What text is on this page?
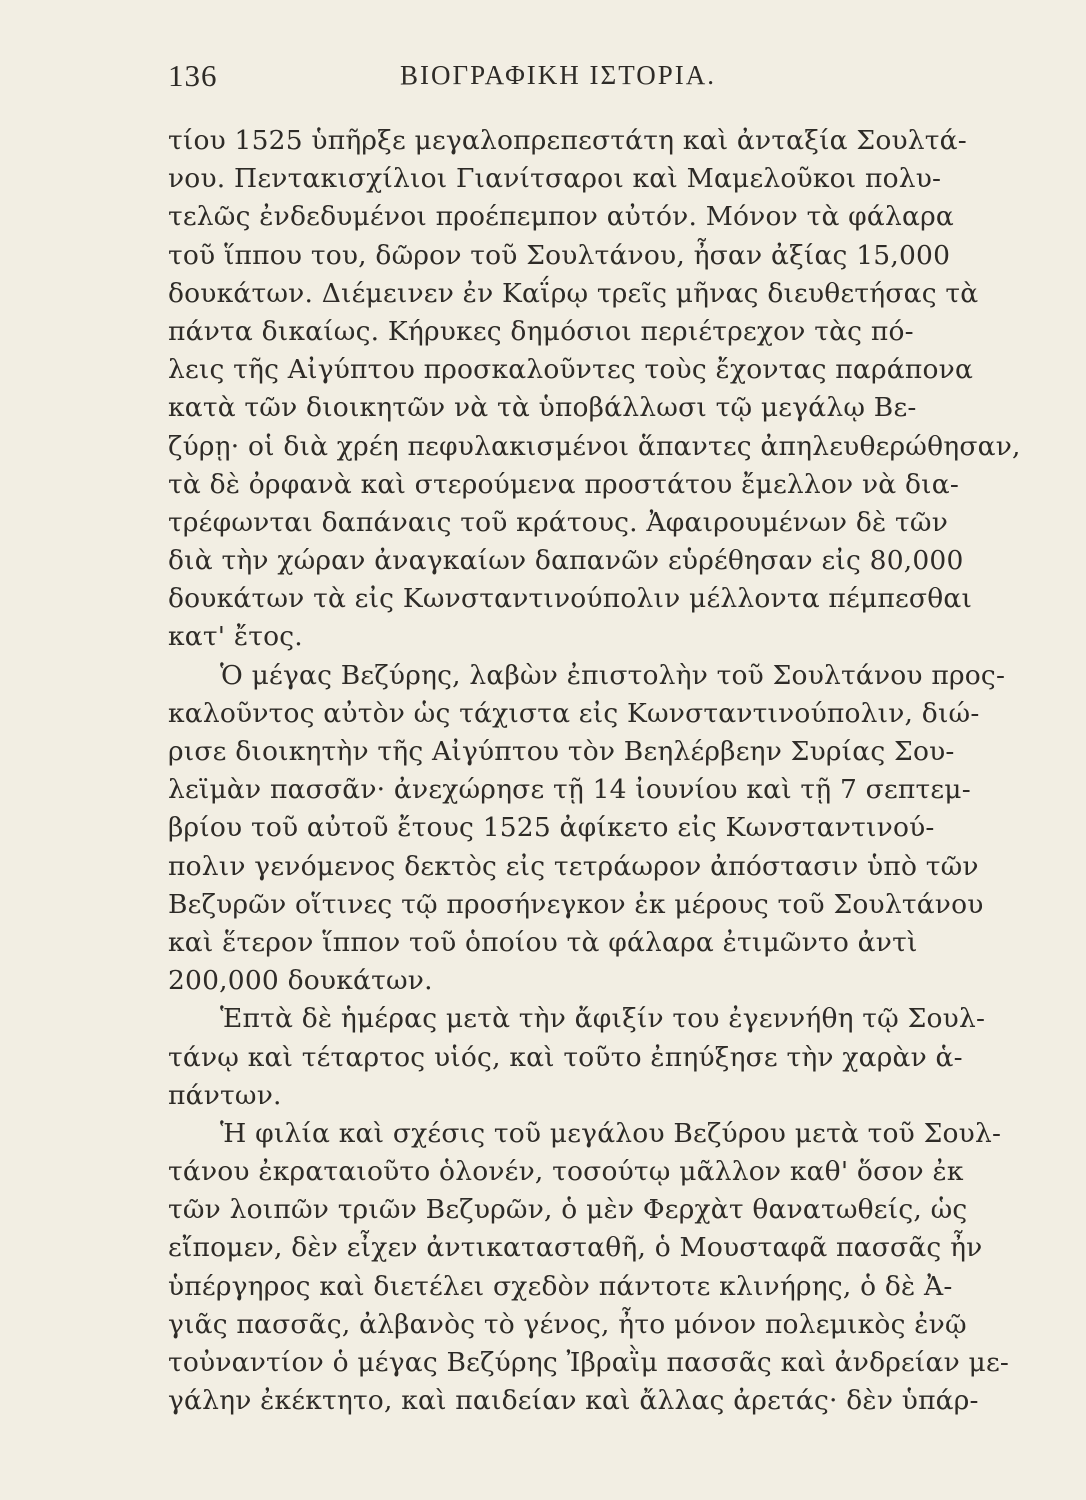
136	ΒΙΟΓΡΑΦΙΚΗ ΙΣΤΟΡΙΑ.
τίου 1525 ὑπῆρξε μεγαλοπρεπεστάτη καὶ ἀνταξία Σουλτά-
νου. Πεντακισχίλιοι Γιανίτσαροι καὶ Μαμελοῦκοι πολυ-
τελῶς ἐνδεδυμένοι προέπεμπον αὐτόν. Μόνον τὰ φάλαρα
τοῦ ἵππου του, δῶρον τοῦ Σουλτάνου, ἦσαν ἀξίας 15,000
δουκάτων. Διέμεινεν ἐν Καΐρῳ τρεῖς μῆνας διευθετήσας τὰ
πάντα δικαίως. Κήρυκες δημόσιοι περιέτρεχον τὰς πό-
λεις τῆς Αἰγύπτου προσκαλοῦντες τοὺς ἔχοντας παράπονα
κατὰ τῶν διοικητῶν νὰ τὰ ὑποβάλλωσι τῷ μεγάλῳ Βε-
ζύρῃ· οἱ διὰ χρέη πεφυλακισμένοι ἅπαντες ἀπηλευθερώθησαν,
τὰ δὲ ὀρφανὰ καὶ στερούμενα προστάτου ἔμελλον νὰ δια-
τρέφωνται δαπάναις τοῦ κράτους. Ἀφαιρουμένων δὲ τῶν
διὰ τὴν χώραν ἀναγκαίων δαπανῶν εὑρέθησαν εἰς 80,000
δουκάτων τὰ εἰς Κωνσταντινούπολιν μέλλοντα πέμπεσθαι
κατ' ἔτος.
Ὁ μέγας Βεζύρης, λαβὼν ἐπιστολὴν τοῦ Σουλτάνου προς-
καλοῦντος αὐτὸν ὡς τάχιστα εἰς Κωνσταντινούπολιν, διώ-
ρισε διοικητὴν τῆς Αἰγύπτου τὸν Βεηλέρβεην Συρίας Σου-
λεϊμὰν πασσᾶν· ἀνεχώρησε τῇ 14 ἰουνίου καὶ τῇ 7 σεπτεμ-
βρίου τοῦ αὐτοῦ ἔτους 1525 ἀφίκετο εἰς Κωνσταντινού-
πολιν γενόμενος δεκτὸς εἰς τετράωρον ἀπόστασιν ὑπὸ τῶν
Βεζυρῶν οἵτινες τῷ προσήνεγκον ἐκ μέρους τοῦ Σουλτάνου
καὶ ἕτερον ἵππον τοῦ ὁποίου τὰ φάλαρα ἐτιμῶντο ἀντὶ
200,000 δουκάτων.
Ἑπτὰ δὲ ἡμέρας μετὰ τὴν ἄφιξίν του ἐγεννήθη τῷ Σουλ-
τάνῳ καὶ τέταρτος υἱός, καὶ τοῦτο ἐπηύξησε τὴν χαρὰν ἁ-
πάντων.
Ἡ φιλία καὶ σχέσις τοῦ μεγάλου Βεζύρου μετὰ τοῦ Σουλ-
τάνου ἐκραταιοῦτο ὁλονέν, τοσούτῳ μᾶλλον καθ' ὅσον ἐκ
τῶν λοιπῶν τριῶν Βεζυρῶν, ὁ μὲν Φερχὰτ θανατωθείς, ὡς
εἴπομεν, δὲν εἶχεν ἀντικατασταθῆ, ὁ Μουσταφᾶ πασσᾶς ἦν
ὑπέργηρος καὶ διετέλει σχεδὸν πάντοτε κλινήρης, ὁ δὲ Ἀ-
γιᾶς πασσᾶς, ἀλβανὸς τὸ γένος, ἦτο μόνον πολεμικὸς ἐνῷ
τοὐναντίον ὁ μέγας Βεζύρης Ἰβραῒμ πασσᾶς καὶ ἀνδρείαν με-
γάλην ἐκέκτητο, καὶ παιδείαν καὶ ἄλλας ἀρετάς· δὲν ὑπάρ-
